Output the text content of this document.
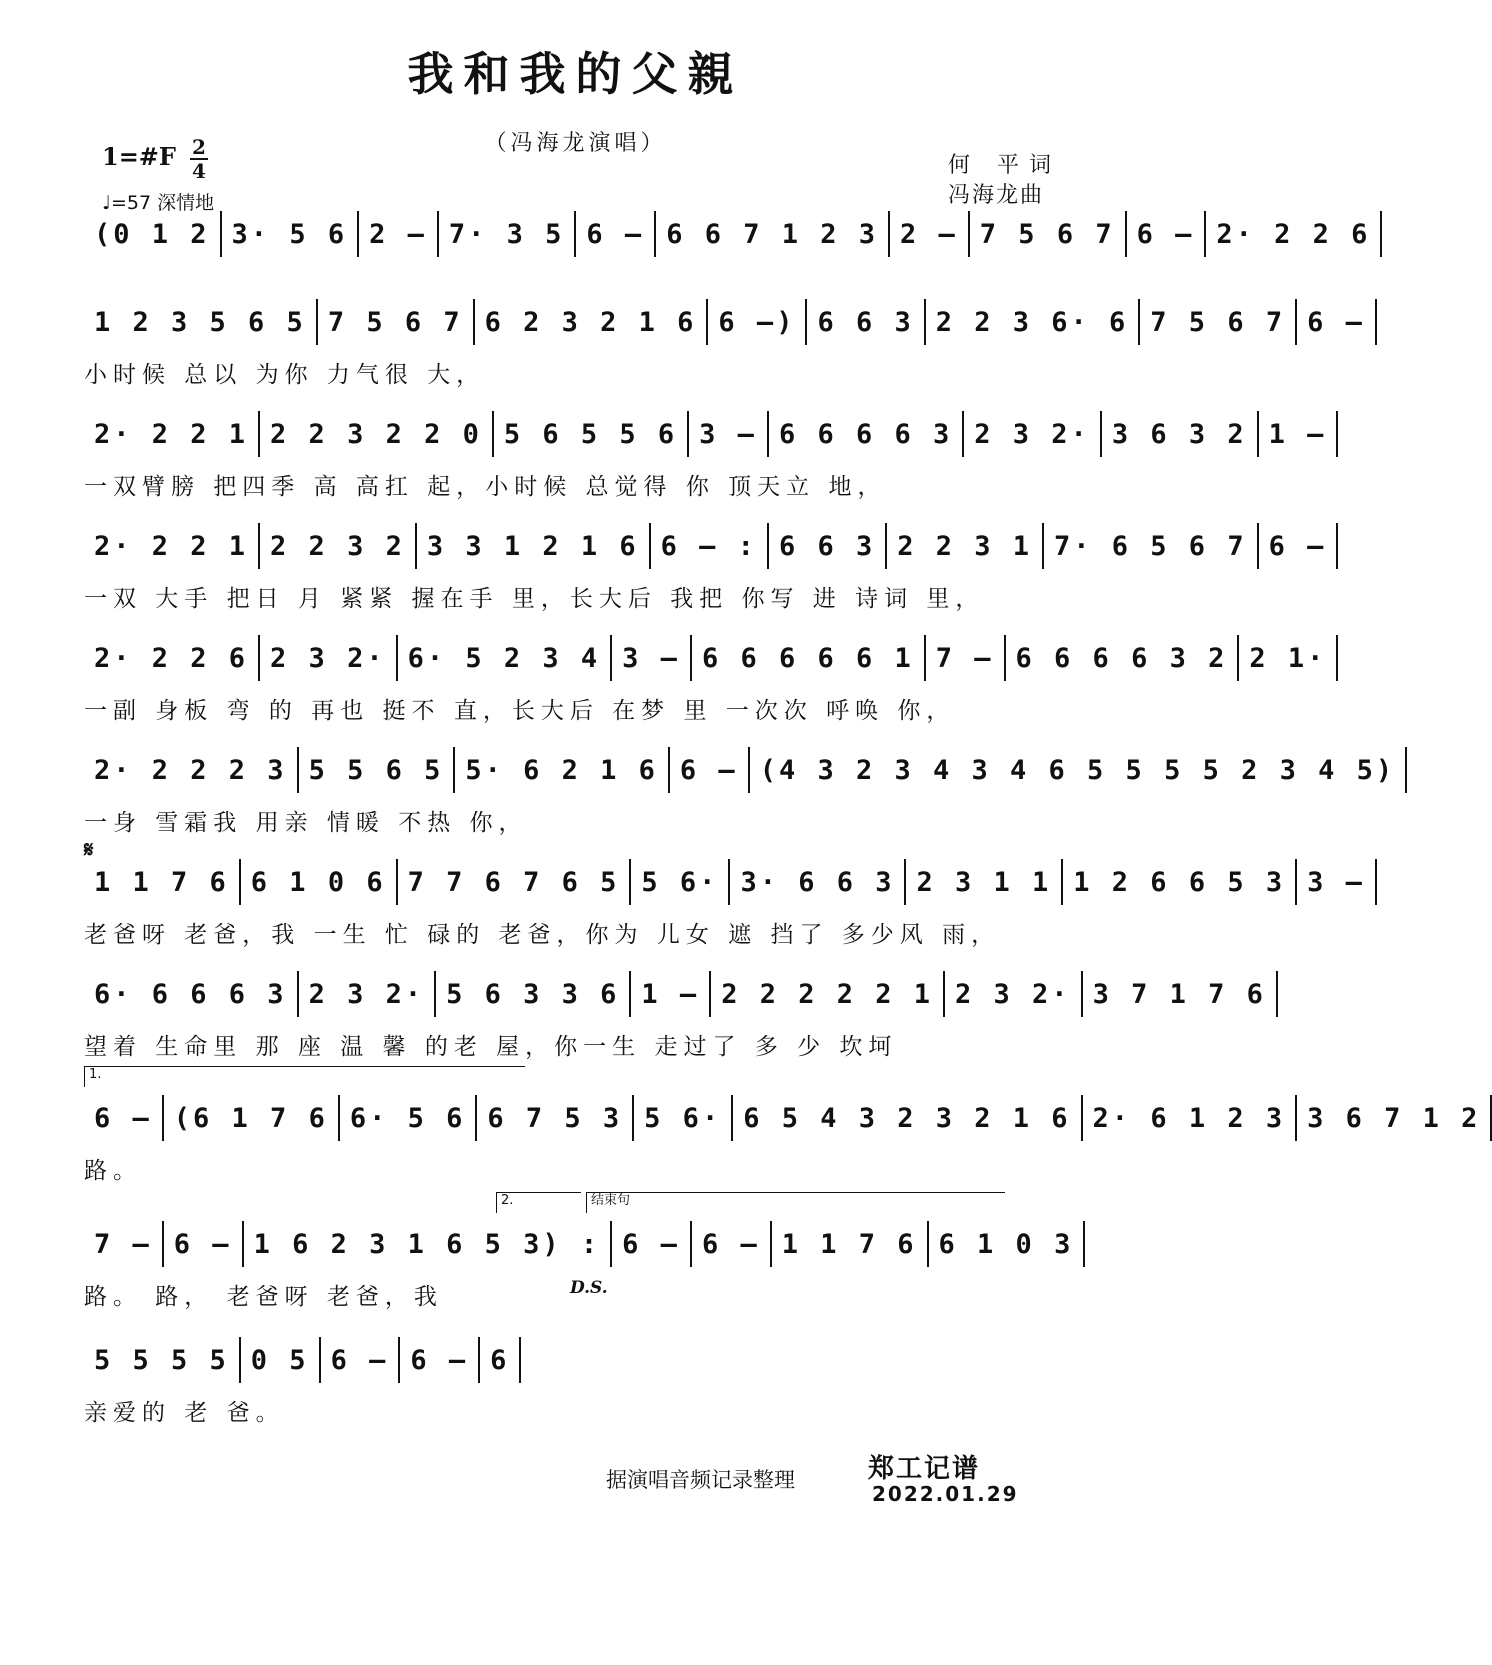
我和我的父親
（冯海龙演唱）
1=#F 2
4
♩=57 深情地
何 平词
冯海龙曲
(0 1 2 3· 5 6 2 – 7· 3 5 6 – 6 6 7 1 2 3 2 – 7 5 6 7 6 – 2· 2 2 6
1 2 3 5 6 5 7 5 6 7 6 2 3 2 1 6 6 –) 6 6 3 2 2 3 6· 6 7 5 6 7 6 –
小时候 总以 为你 力气很 大，
2· 2 2 1 2 2 3 2 2 0 5 6 5 5 6 3 – 6 6 6 6 3 2 3 2· 3 6 3 2 1 –
一双臂膀 把四季 高 高扛 起，小时候 总觉得 你 顶天立 地，
2· 2 2 1 2 2 3 2 3 3 1 2 1 6 6 – : 6 6 3 2 2 3 1 7· 6 5 6 7 6 –
一双 大手 把日 月 紧紧 握在手 里，长大后 我把 你写 进 诗词 里，
2· 2 2 6 2 3 2· 6· 5 2 3 4 3 – 6 6 6 6 6 1 7 – 6 6 6 6 3 2 2 1·
一副 身板 弯 的 再也 挺不 直，长大后 在梦 里 一次次 呼唤 你，
2· 2 2 2 3 5 5 6 5 5· 6 2 1 6 6 – (4 3 2 3 4 3 4 6 5 5 5 5 2 3 4 5)
一身 雪霜我 用亲 情暖 不热 你，
1 1 7 6 6 1 0 6 7 7 6 7 6 5 5 6· 3· 6 6 3 2 3 1 1 1 2 6 6 5 3 3 –
老爸呀 老爸，我 一生 忙 碌的 老爸，你为 儿女 遮 挡了 多少风 雨，
6· 6 6 6 3 2 3 2· 5 6 3 3 6 1 – 2 2 2 2 2 1 2 3 2· 3 7 1 7 6
望着 生命里 那 座 温 馨 的老 屋，你一生 走过了 多 少 坎坷
6 – (6 1 7 6 6· 5 6 6 7 5 3 5 6· 6 5 4 3 2 3 2 1 6 2· 6 1 2 3 3 6 7 1 2
路。
7 – 6 – 1 6 2 3 1 6 5 3) : 6 – 6 – 1 1 7 6 6 1 0 3
路。 路， 老爸呀 老爸，我
5 5 5 5 0 5 6 – 6 – 6
亲爱的 老 爸。
𝄋
1.
2.	结束句
D.S.
据演唱音频记录整理	郑工记谱
2022.01.29
